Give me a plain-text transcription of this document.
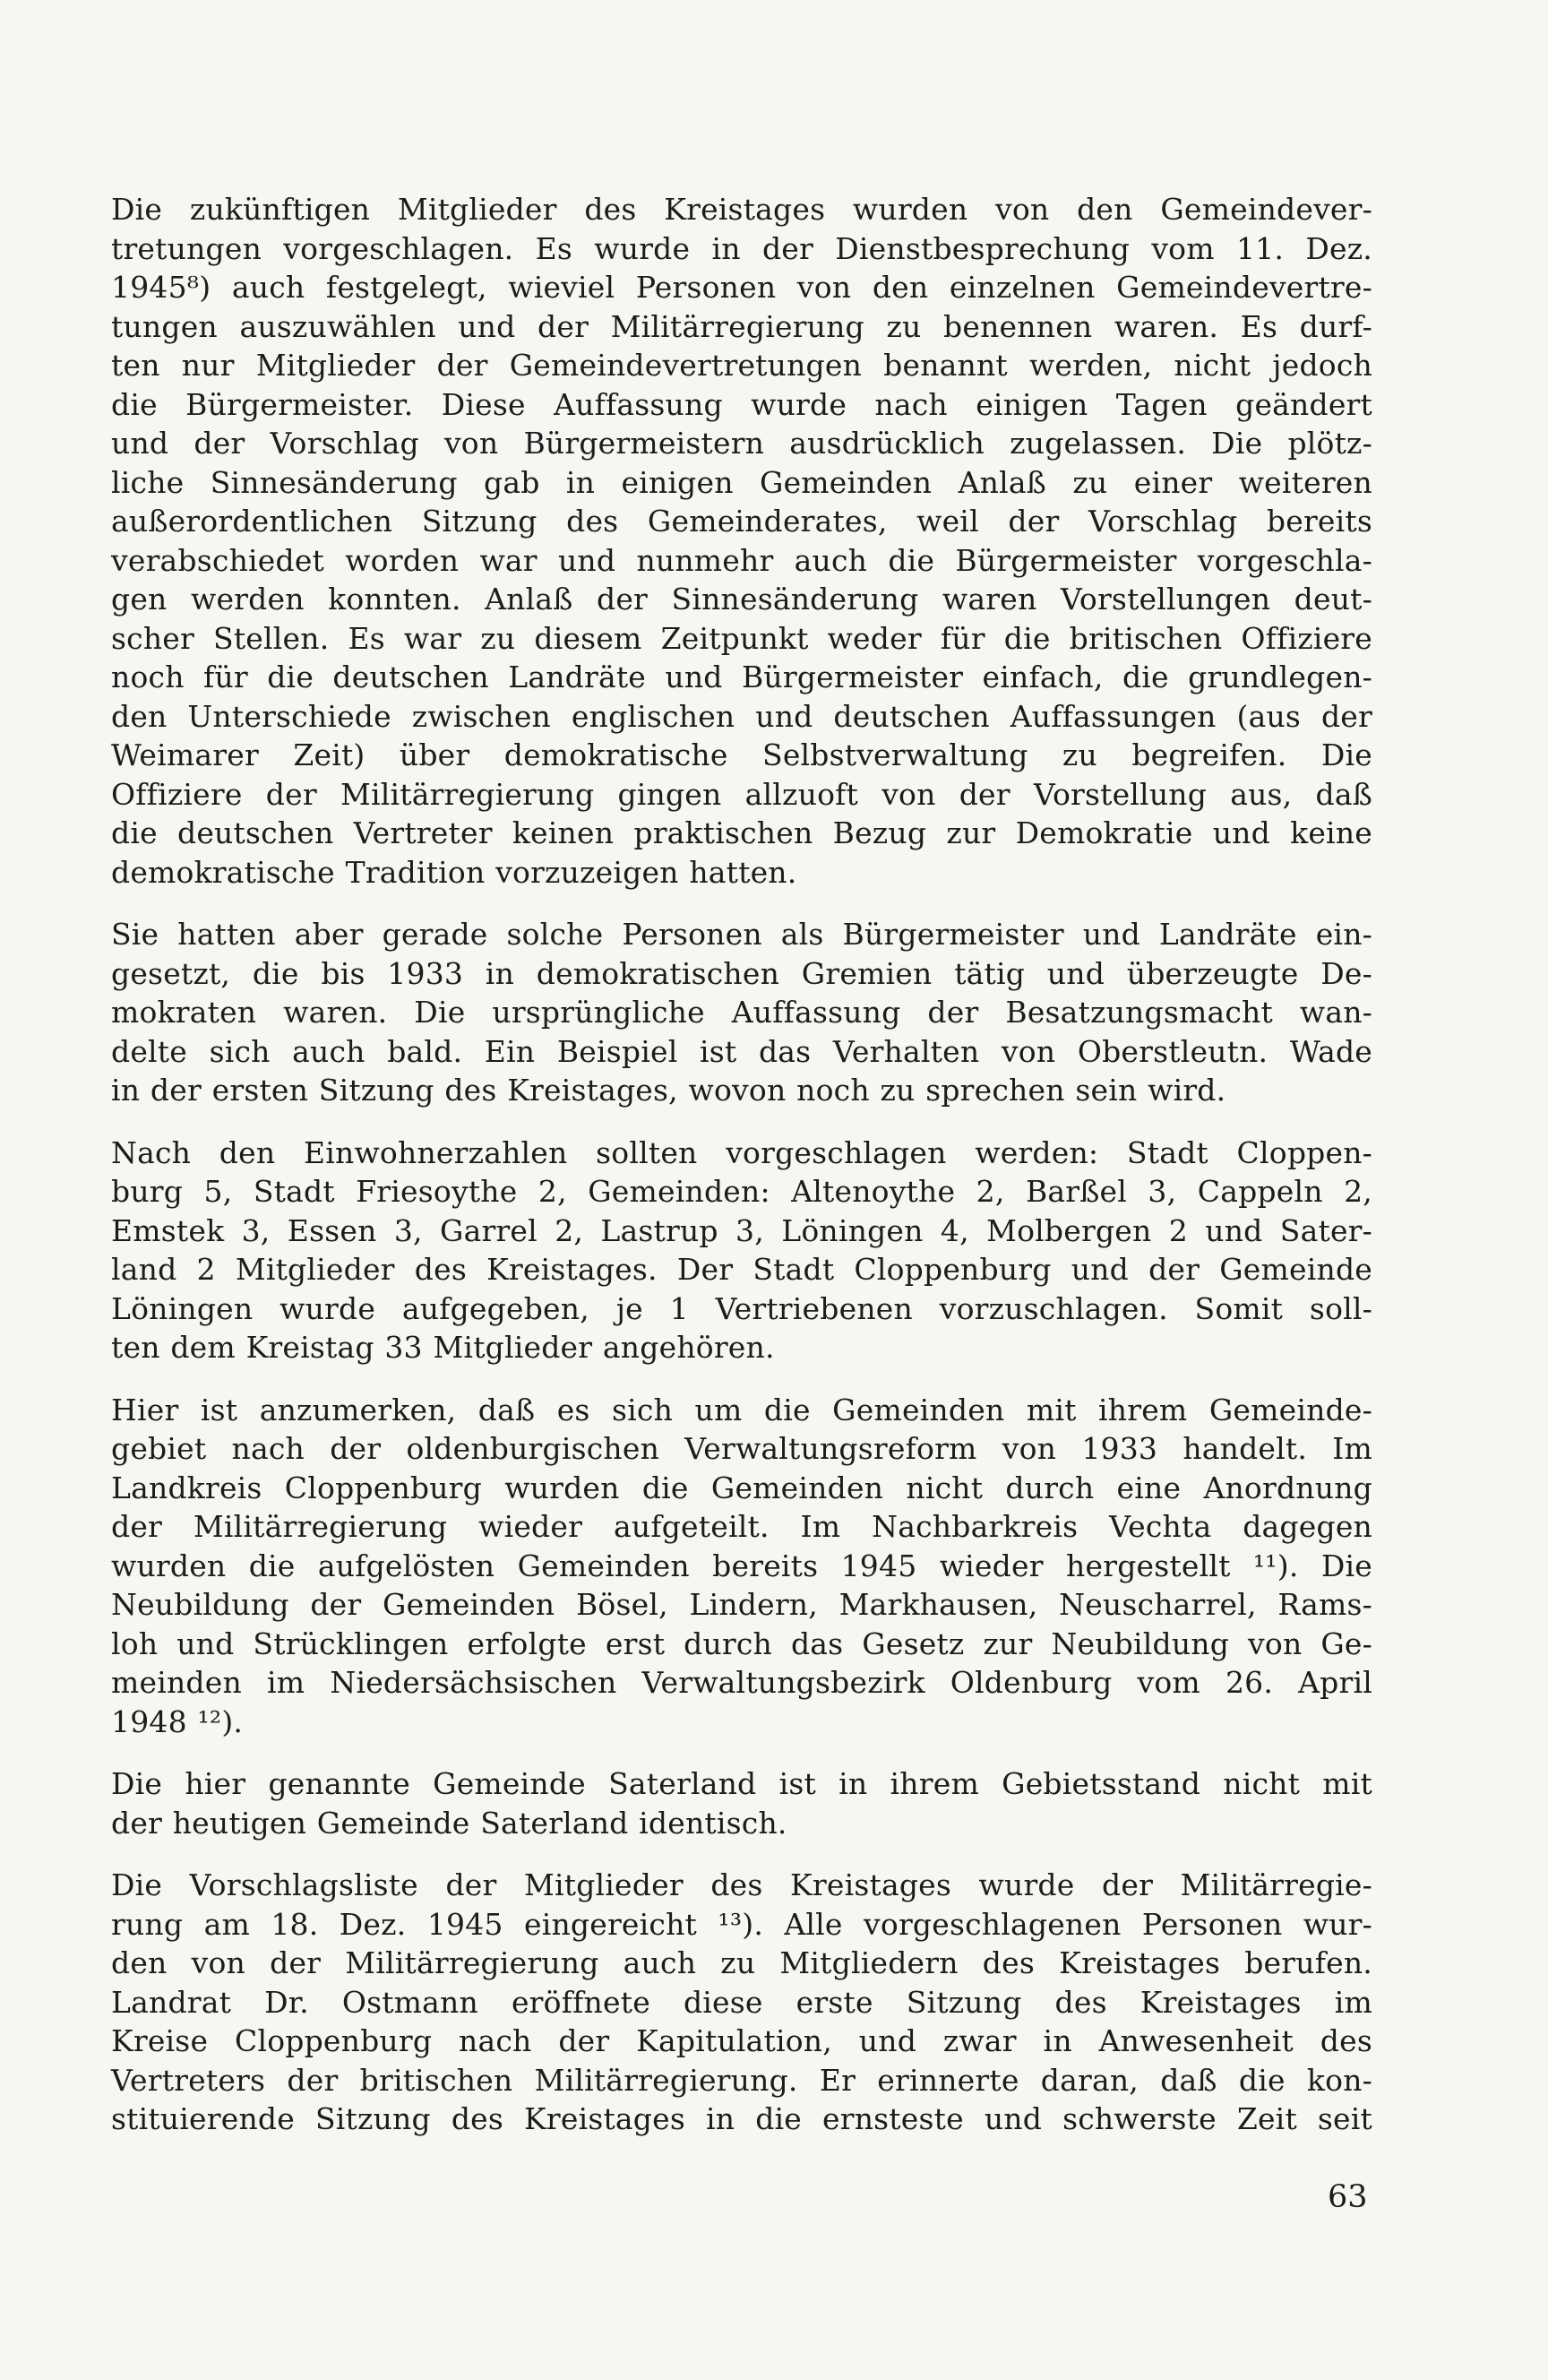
Die zukünftigen Mitglieder des Kreistages wurden von den Gemeindever-
tretungen vorgeschlagen. Es wurde in der Dienstbesprechung vom 11. Dez.
1945⁸) auch festgelegt, wieviel Personen von den einzelnen Gemeindevertre-
tungen auszuwählen und der Militärregierung zu benennen waren. Es durf-
ten nur Mitglieder der Gemeindevertretungen benannt werden, nicht jedoch
die Bürgermeister. Diese Auffassung wurde nach einigen Tagen geändert
und der Vorschlag von Bürgermeistern ausdrücklich zugelassen. Die plötz-
liche Sinnesänderung gab in einigen Gemeinden Anlaß zu einer weiteren
außerordentlichen Sitzung des Gemeinderates, weil der Vorschlag bereits
verabschiedet worden war und nunmehr auch die Bürgermeister vorgeschla-
gen werden konnten. Anlaß der Sinnesänderung waren Vorstellungen deut-
scher Stellen. Es war zu diesem Zeitpunkt weder für die britischen Offiziere
noch für die deutschen Landräte und Bürgermeister einfach, die grundlegen-
den Unterschiede zwischen englischen und deutschen Auffassungen (aus der
Weimarer Zeit) über demokratische Selbstverwaltung zu begreifen. Die
Offiziere der Militärregierung gingen allzuoft von der Vorstellung aus, daß
die deutschen Vertreter keinen praktischen Bezug zur Demokratie und keine
demokratische Tradition vorzuzeigen hatten.

Sie hatten aber gerade solche Personen als Bürgermeister und Landräte ein-
gesetzt, die bis 1933 in demokratischen Gremien tätig und überzeugte De-
mokraten waren. Die ursprüngliche Auffassung der Besatzungsmacht wan-
delte sich auch bald. Ein Beispiel ist das Verhalten von Oberstleutn. Wade
in der ersten Sitzung des Kreistages, wovon noch zu sprechen sein wird.

Nach den Einwohnerzahlen sollten vorgeschlagen werden: Stadt Cloppen-
burg 5, Stadt Friesoythe 2, Gemeinden: Altenoythe 2, Barßel 3, Cappeln 2,
Emstek 3, Essen 3, Garrel 2, Lastrup 3, Löningen 4, Molbergen 2 und Sater-
land 2 Mitglieder des Kreistages. Der Stadt Cloppenburg und der Gemeinde
Löningen wurde aufgegeben, je 1 Vertriebenen vorzuschlagen. Somit soll-
ten dem Kreistag 33 Mitglieder angehören.

Hier ist anzumerken, daß es sich um die Gemeinden mit ihrem Gemeinde-
gebiet nach der oldenburgischen Verwaltungsreform von 1933 handelt. Im
Landkreis Cloppenburg wurden die Gemeinden nicht durch eine Anordnung
der Militärregierung wieder aufgeteilt. Im Nachbarkreis Vechta dagegen
wurden die aufgelösten Gemeinden bereits 1945 wieder hergestellt ¹¹). Die
Neubildung der Gemeinden Bösel, Lindern, Markhausen, Neuscharrel, Rams-
loh und Strücklingen erfolgte erst durch das Gesetz zur Neubildung von Ge-
meinden im Niedersächsischen Verwaltungsbezirk Oldenburg vom 26. April
1948 ¹²).

Die hier genannte Gemeinde Saterland ist in ihrem Gebietsstand nicht mit
der heutigen Gemeinde Saterland identisch.

Die Vorschlagsliste der Mitglieder des Kreistages wurde der Militärregie-
rung am 18. Dez. 1945 eingereicht ¹³). Alle vorgeschlagenen Personen wur-
den von der Militärregierung auch zu Mitgliedern des Kreistages berufen.
Landrat Dr. Ostmann eröffnete diese erste Sitzung des Kreistages im
Kreise Cloppenburg nach der Kapitulation, und zwar in Anwesenheit des
Vertreters der britischen Militärregierung. Er erinnerte daran, daß die kon-
stituierende Sitzung des Kreistages in die ernsteste und schwerste Zeit seit

63
